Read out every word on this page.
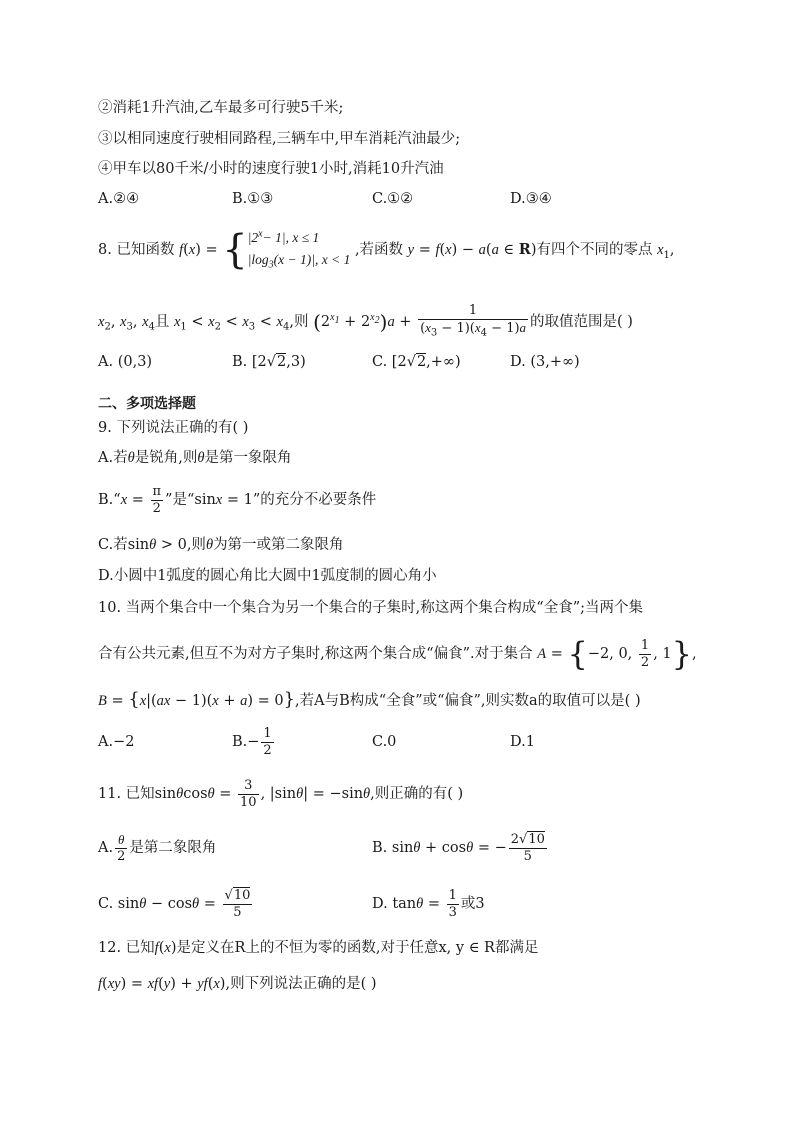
②消耗1升汽油,乙车最多可行驶5千米;
③以相同速度行驶相同路程,三辆车中,甲车消耗汽油最少;
④甲车以80千米/小时的速度行驶1小时,消耗10升汽油
A.②④	B.①③	C.①②	D.③④
8. 已知函数 $f(x) = \{|2^x- 1|$, x ≤ 1
$|\log_3(x - 1)|$, x < 1 ,若函数 y = f(x) − a(a ∈ R)有四个不同的零点 $x_1$,
$x_2$, $x_3$, $x_4$且 $x_1 < x_2 < x_3 < x_4$,则 $(2^{x_1} + 2^{x_2})a + \frac{1}{(x_3 - 1)(x_4 - 1)a}$ 的取值范围是( )
A. (0,3)	B. [2√2,3)	C. [2√2,+∞)	D. (3,+∞)
二、多项选择题
9. 下列说法正确的有( )
A.若θ是锐角,则θ是第一象限角
B.“x = $\frac{\pi}{2}$ ”是“sinx = 1”的充分不必要条件
C.若sinθ > 0,则θ为第一或第二象限角
D.小圆中1弧度的圆心角比大圆中1弧度制的圆心角小
10. 当两个集合中一个集合为另一个集合的子集时,称这两个集合构成“全食”;当两个集
合有公共元素,但互不为对方子集时,称这两个集合成“偏食”.对于集合 A = {−2, 0, $\frac{1}{2}$ , 1},
B = {x|(ax − 1)(x + a) = 0},若A与B构成“全食”或“偏食”,则实数a的取值可以是( )
A.−2	$B.- \frac{1}{2}$	C.0	D.1
11. 已知$\sin\theta\cos\theta = \frac{3}{10}$ , |sinθ| = −sinθ,则正确的有( )
A. $\frac{\theta}{2}$ 是第二象限角	B. sinθ + cosθ = − $\frac{2√10}{5}$
C. $\sin\theta - \cos\theta = \frac{√10}{5}$	D. $\tan\theta = \frac{1}{3}$ 或3
12. 已知f(x)是定义在R上的不恒为零的函数,对于任意x, y ∈ R都满足
f(xy) = xf(y) + yf(x),则下列说法正确的是( )
